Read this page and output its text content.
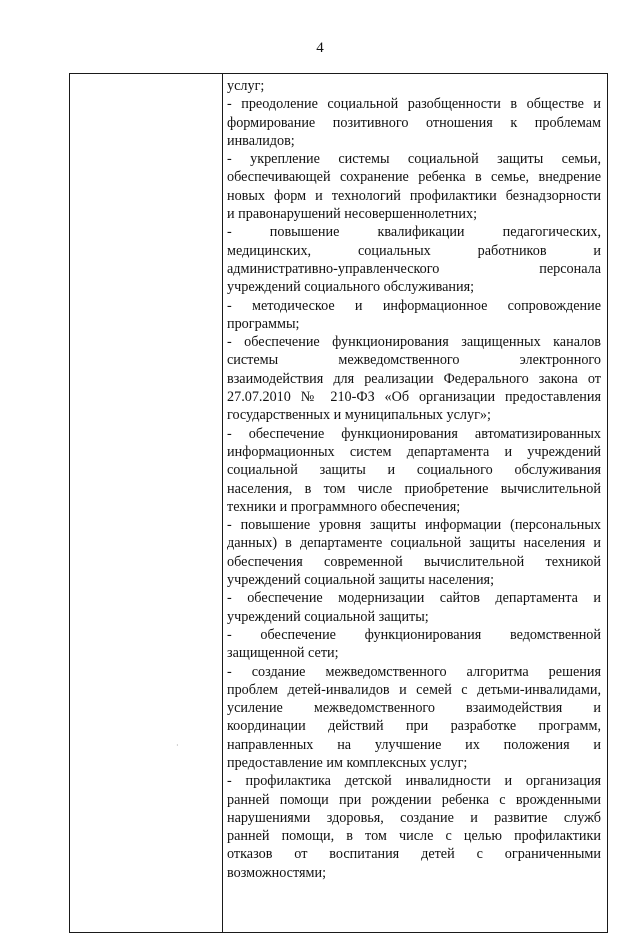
4
услуг;
- преодоление социальной разобщенности в обществе и
формирование позитивного отношения к проблемам
инвалидов;
- укрепление системы социальной защиты семьи,
обеспечивающей сохранение ребенка в семье, внедрение
новых форм и технологий профилактики безнадзорности
и правонарушений несовершеннолетних;
- повышение квалификации педагогических,
медицинских, социальных работников и
административно-управленческого персонала
учреждений социального обслуживания;
- методическое и информационное сопровождение
программы;
- обеспечение функционирования защищенных каналов
системы межведомственного электронного
взаимодействия для реализации Федерального закона от
27.07.2010 № 210-ФЗ «Об организации предоставления
государственных и муниципальных услуг»;
- обеспечение функционирования автоматизированных
информационных систем департамента и учреждений
социальной защиты и социального обслуживания
населения, в том числе приобретение вычислительной
техники и программного обеспечения;
- повышение уровня защиты информации (персональных
данных) в департаменте социальной защиты населения и
обеспечения современной вычислительной техникой
учреждений социальной защиты населения;
- обеспечение модернизации сайтов департамента и
учреждений социальной защиты;
- обеспечение функционирования ведомственной
защищенной сети;
- создание межведомственного алгоритма решения
проблем детей-инвалидов и семей с детьми-инвалидами,
усиление межведомственного взаимодействия и
координации действий при разработке программ,
направленных на улучшение их положения и
предоставление им комплексных услуг;
- профилактика детской инвалидности и организация
ранней помощи при рождении ребенка с врожденными
нарушениями здоровья, создание и развитие служб
ранней помощи, в том числе с целью профилактики
отказов от воспитания детей с ограниченными
возможностями;
·
